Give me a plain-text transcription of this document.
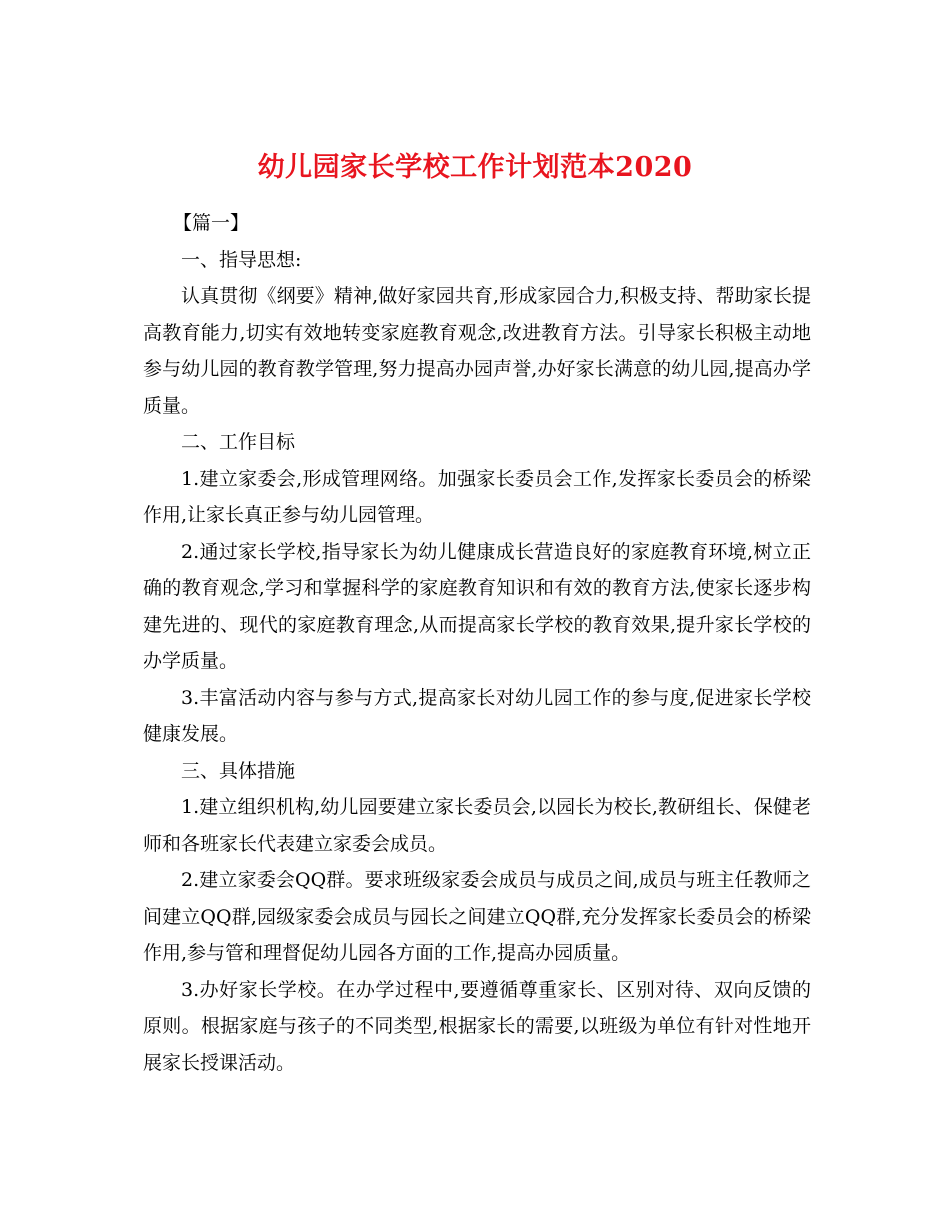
幼儿园家长学校工作计划范本2020

【篇一】

一、指导思想:

认真贯彻《纲要》精神,做好家园共育,形成家园合力,积极支持、帮助家长提高教育能力,切实有效地转变家庭教育观念,改进教育方法。引导家长积极主动地参与幼儿园的教育教学管理,努力提高办园声誉,办好家长满意的幼儿园,提高办学质量。

二、工作目标

1.建立家委会,形成管理网络。加强家长委员会工作,发挥家长委员会的桥梁作用,让家长真正参与幼儿园管理。

2.通过家长学校,指导家长为幼儿健康成长营造良好的家庭教育环境,树立正确的教育观念,学习和掌握科学的家庭教育知识和有效的教育方法,使家长逐步构建先进的、现代的家庭教育理念,从而提高家长学校的教育效果,提升家长学校的办学质量。

3.丰富活动内容与参与方式,提高家长对幼儿园工作的参与度,促进家长学校健康发展。

三、具体措施

1.建立组织机构,幼儿园要建立家长委员会,以园长为校长,教研组长、保健老师和各班家长代表建立家委会成员。

2.建立家委会QQ群。要求班级家委会成员与成员之间,成员与班主任教师之间建立QQ群,园级家委会成员与园长之间建立QQ群,充分发挥家长委员会的桥梁作用,参与管和理督促幼儿园各方面的工作,提高办园质量。

3.办好家长学校。在办学过程中,要遵循尊重家长、区别对待、双向反馈的原则。根据家庭与孩子的不同类型,根据家长的需要,以班级为单位有针对性地开展家长授课活动。
